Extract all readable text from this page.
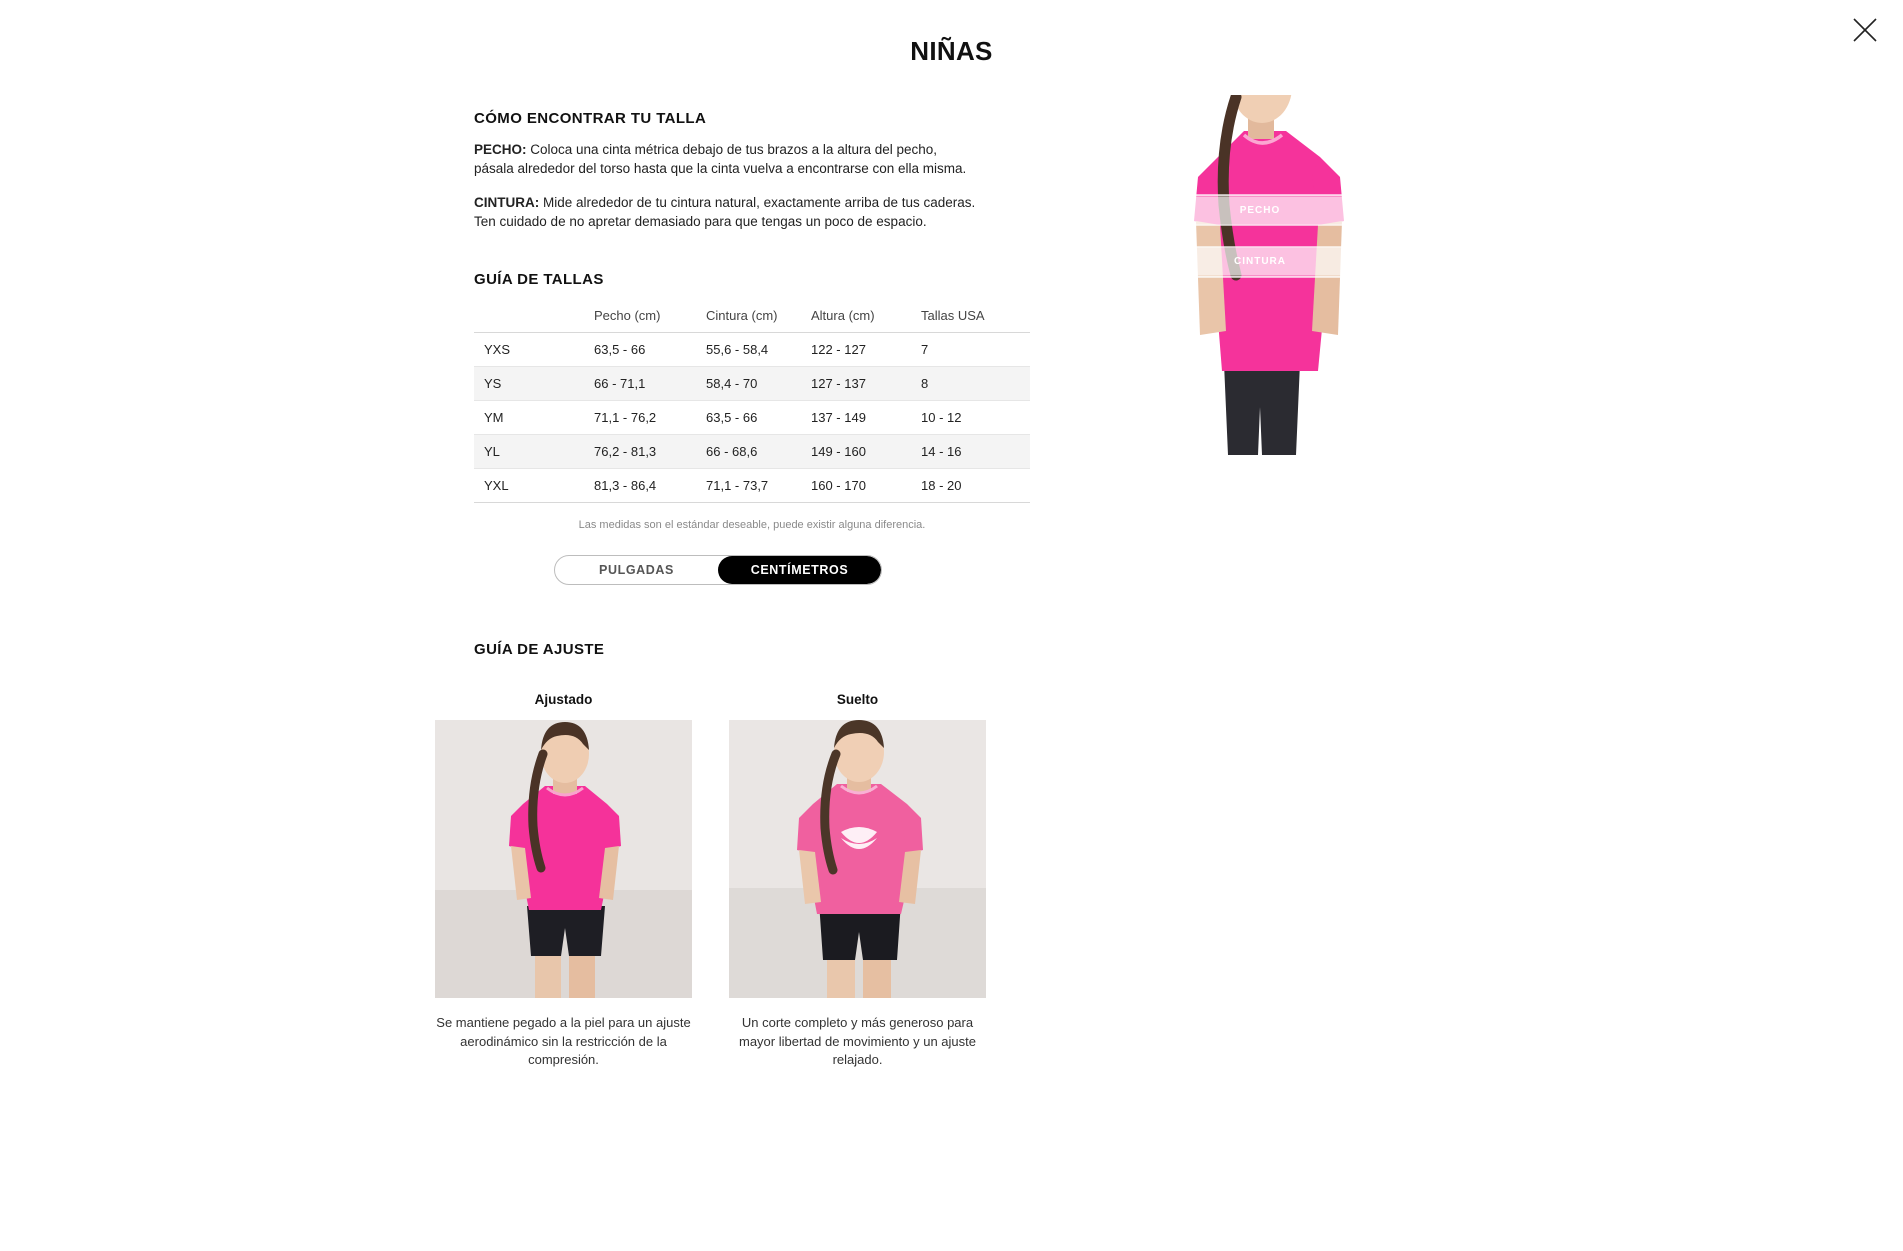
NIÑAS
CÓMO ENCONTRAR TU TALLA

PECHO: Coloca una cinta métrica debajo de tus brazos a la altura del pecho, pásala alrededor del torso hasta que la cinta vuelva a encontrarse con ella misma.

CINTURA: Mide alrededor de tu cintura natural, exactamente arriba de tus caderas. Ten cuidado de no apretar demasiado para que tengas un poco de espacio.

GUÍA DE TALLAS
	Pecho (cm)	Cintura (cm)	Altura (cm)	Tallas USA
YXS	63,5 - 66	55,6 - 58,4	122 - 127	7
YS	66 - 71,1	58,4 - 70	127 - 137	8
YM	71,1 - 76,2	63,5 - 66	137 - 149	10 - 12
YL	76,2 - 81,3	66 - 68,6	149 - 160	14 - 16
YXL	81,3 - 86,4	71,1 - 73,7	160 - 170	18 - 20
Las medidas son el estándar deseable, puede existir alguna diferencia.
PULGADAS	CENTÍMETROS
GUÍA DE AJUSTE
Ajustado
Se mantiene pegado a la piel para un ajuste aerodinámico sin la restricción de la compresión.
Suelto
Un corte completo y más generoso para mayor libertad de movimiento y un ajuste relajado.
PECHO
CINTURA
